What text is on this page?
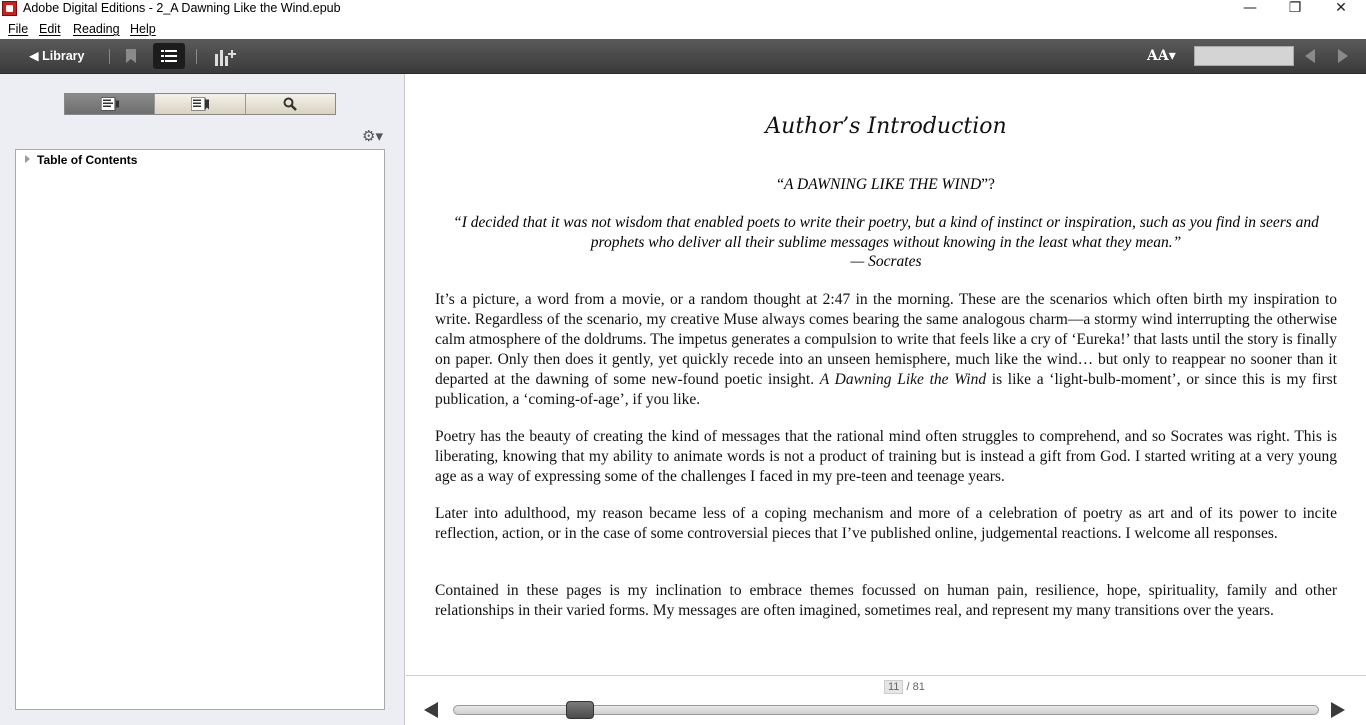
Adobe Digital Editions - 2_A Dawning Like the Wind.epub	—	❐	✕
File Edit Reading Help
◀ Library	AA▾
⚙▾
Table of Contents
Author’s Introduction
“A DAWNING LIKE THE WIND”?
“I decided that it was not wisdom that enabled poets to write their poetry, but a kind of instinct or inspiration, such as you find in seers and prophets who deliver all their sublime messages without knowing in the least what they mean.”
— Socrates

It’s a picture, a word from a movie, or a random thought at 2:47 in the morning. These are the scenarios which often birth my inspiration to write. Regardless of the scenario, my creative Muse always comes bearing the same analogous charm—a stormy wind interrupting the otherwise calm atmosphere of the doldrums. The impetus generates a compulsion to write that feels like a cry of ‘Eureka!’ that lasts until the story is finally on paper. Only then does it gently, yet quickly recede into an unseen hemisphere, much like the wind… but only to reappear no sooner than it departed at the dawning of some new-found poetic insight. A Dawning Like the Wind is like a ‘light-bulb-moment’, or since this is my first publication, a ‘coming-of-age’, if you like.

Poetry has the beauty of creating the kind of messages that the rational mind often struggles to comprehend, and so Socrates was right. This is liberating, knowing that my ability to animate words is not a product of training but is instead a gift from God. I started writing at a very young age as a way of expressing some of the challenges I faced in my pre-teen and teenage years.

Later into adulthood, my reason became less of a coping mechanism and more of a celebration of poetry as art and of its power to incite reflection, action, or in the case of some controversial pieces that I’ve published online, judgemental reactions. I welcome all responses.

Contained in these pages is my inclination to embrace themes focussed on human pain, resilience, hope, spirituality, family and other relationships in their varied forms. My messages are often imagined, sometimes real, and represent my many transitions over the years.

11 / 81
